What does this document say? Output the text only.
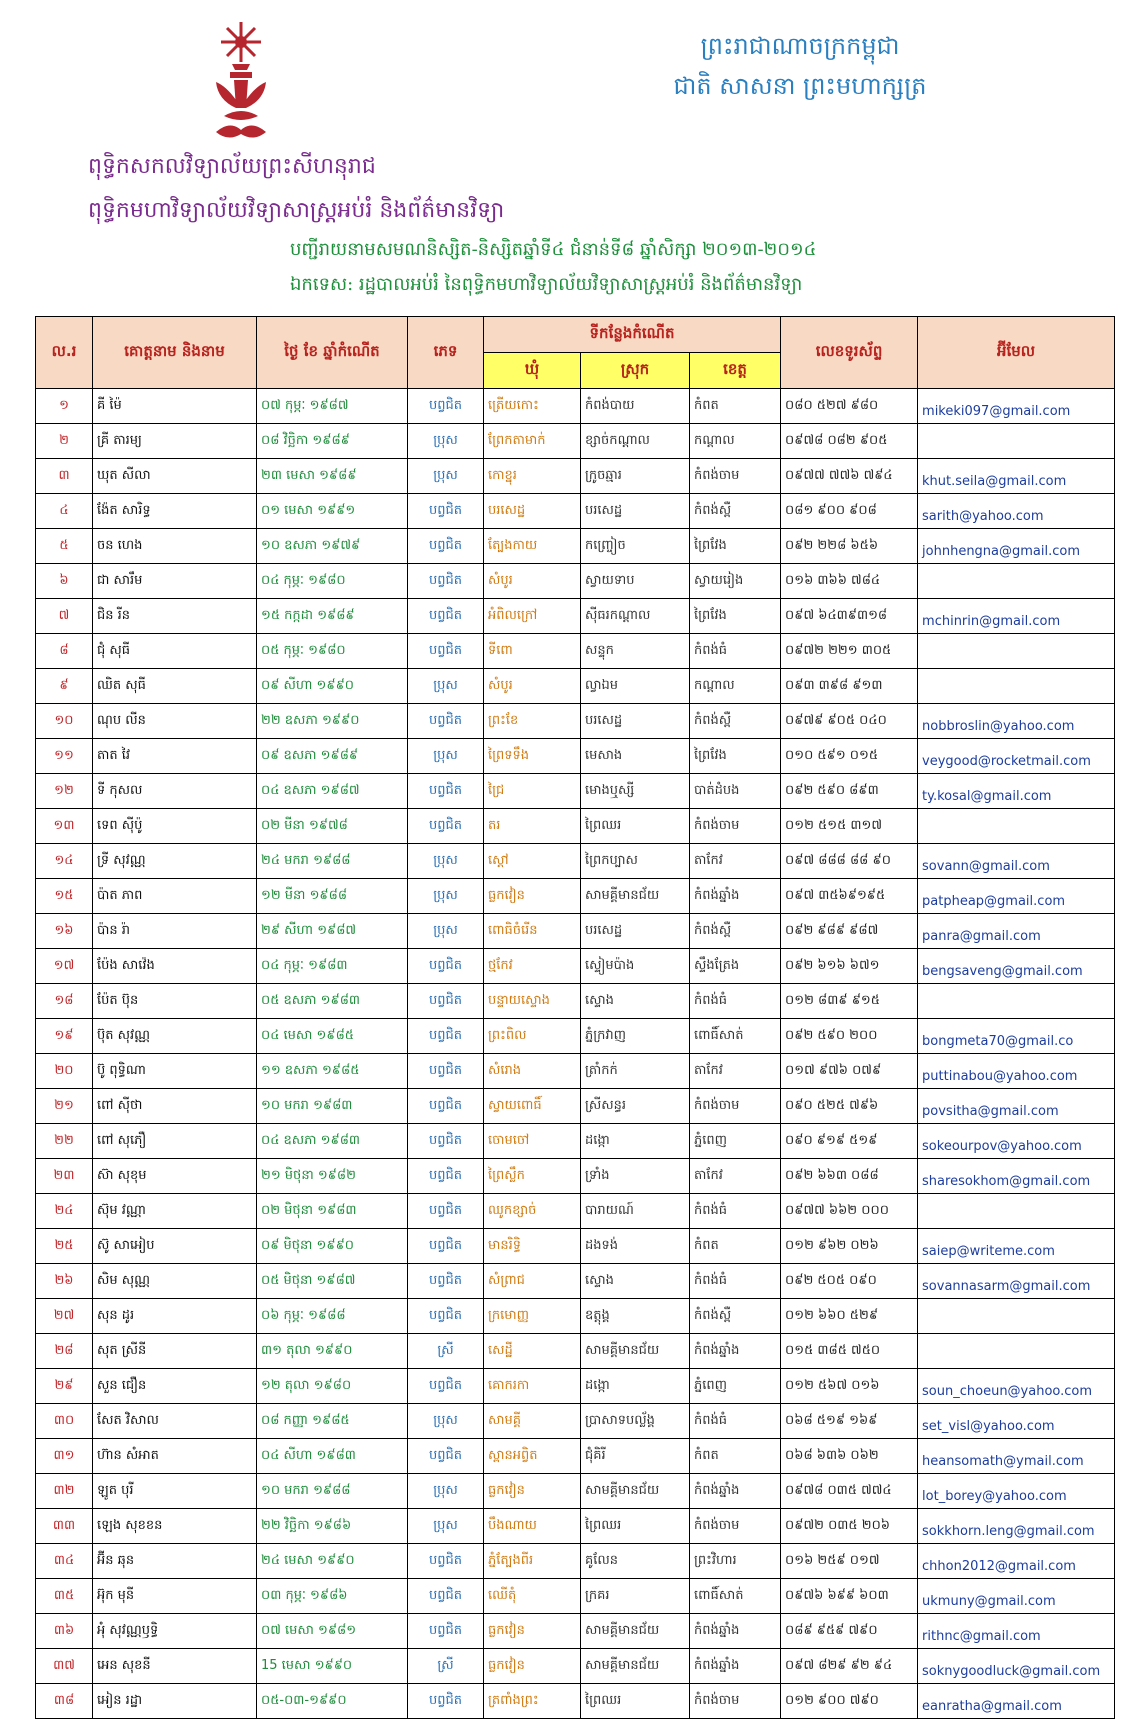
ព្រះរាជាណាចក្រកម្ពុជា
ជាតិ សាសនា ព្រះមហាក្សត្រ
ពុទ្ធិកសកលវិទ្យាល័យព្រះសីហនុរាជ
ពុទ្ធិកមហាវិទ្យាល័យវិទ្យាសាស្ត្រអប់រំ និងព័ត៌មានវិទ្យា
បញ្ជីរាយនាមសមណនិស្សិត-និស្សិតឆ្នាំទី៤ ជំនាន់ទី៨ ឆ្នាំសិក្សា ២០១៣-២០១៤
ឯកទេស: រដ្ឋបាលអប់រំ នៃពុទ្ធិកមហាវិទ្យាល័យវិទ្យាសាស្ត្រអប់រំ និងព័ត៌មានវិទ្យា
ល.រ	គោត្តនាម និងនាម	ថ្ងៃ ខែ ឆ្នាំកំណើត	ភេទ	ទីកន្លែងកំណើត			លេខទូរស័ព្ទ	អ៊ីមែល
				ឃុំ	ស្រុក	ខេត្ត		
១	គី ម៉ៃ	០៧ កុម្ភៈ ១៩៨៧	បព្វជិត	ត្រើយកោះ	កំពង់បាយ	កំពត	០៨០ ៥២៧ ៩៨០	mikeki097@gmail.com
២	គ្រី តារម្យ	០៨ វិច្ឆិកា ១៩៨៩	ប្រុស	ព្រែកតាមាក់	ខ្សាច់កណ្ដាល	កណ្ដាល	០៩៧៨ ០៨២ ៩០៥	
៣	ឃុត សីលា	២៣ មេសា ១៩៨៩	ប្រុស	កោខ្នុរ	ក្រូចឆ្មារ	កំពង់ចាម	០៩៧៧ ៧៧៦ ៧៩៤	khut.seila@gmail.com
៤	ង៉ែត សារិទ្ធ	០១ មេសា ១៩៩១	បព្វជិត	បរសេដ្ឋ	បរសេដ្ឋ	កំពង់ស្ពឺ	០៨១ ៩០០ ៩០៨	sarith@yahoo.com
៥	ចន ហេង	១០ ឧសភា ១៩៧៩	បព្វជិត	ត្បែងកាយ	កញ្ច្រៀច	ព្រៃវែង	០៩២ ២២៨ ៦៥៦	johnhengna@gmail.com
៦	ជា សារឹម	០៤ កុម្ភៈ ១៩៨០	បព្វជិត	សំបូរ	ស្វាយទាប	ស្វាយរៀង	០១៦ ៣៦៦ ៧៨៤	
៧	ជិន រីន	១៥ កក្កដា ១៩៨៩	បព្វជិត	អំពិលក្រៅ	ស៊ីធរកណ្ដាល	ព្រៃវែង	០៩៧ ៦៤៣៩៣១៨	mchinrin@gmail.com
៨	ជុំ សុធី	០៥ កុម្ភៈ ១៩៨០	បព្វជិត	ទីពោ	សន្ទុក	កំពង់ធំ	០៩៧២ ២២១ ៣០៥	
៩	ឈិត សុធី	០៩ សីហា ១៩៩០	ប្រុស	សំបូរ	ល្វាឯម	កណ្ដាល	០៩៣ ៣៩៨ ៩១៣	
១០	ណុប លីន	២២ ឧសភា ១៩៩០	បព្វជិត	ព្រះខែ	បរសេដ្ឋ	កំពង់ស្ពឺ	០៩៧៩ ៩០៥ ០៤០	nobbroslin@yahoo.com
១១	តាត វៃ	០៩ ឧសភា ១៩៨៩	ប្រុស	ព្រៃទទឹង	មេសាង	ព្រៃវែង	០១០ ៥៩១ ០១៥	veygood@rocketmail.com
១២	ទី កុសល	០៤ ឧសភា ១៩៨៧	បព្វជិត	ជ្រៃ	មោងឬស្សី	បាត់ដំបង	០៩២ ៥៩០ ៨៩៣	ty.kosal@gmail.com
១៣	ទេព ស៊ីប៉ូ	០២ មីនា ១៩៧៨	បព្វជិត	តរ	ព្រៃឈរ	កំពង់ចាម	០១២ ៥១៥ ៣១៧	
១៤	ទ្រី សុវណ្ណ	២៤ មករា ១៩៨៨	ប្រុស	ស្ដៅ	ព្រៃកប្បាស	តាកែវ	០៩៧ ៨៨៨ ៨៨ ៩០	sovann@gmail.com
១៥	ប៉ាត ភាព	១២ មីនា ១៩៨៨	ប្រុស	ធ្លកវៀន	សាមគ្គីមានជ័យ	កំពង់ឆ្នាំង	០៩៧ ៣៥៦៩១៩៥	patpheap@gmail.com
១៦	ប៉ាន រ៉ា	២៩ សីហា ១៩៨៧	ប្រុស	ពោធិចំរើន	បរសេដ្ឋ	កំពង់ស្ពឺ	០៩២ ៩៨៩ ៩៨៧	panra@gmail.com
១៧	ប៉ែង សាវ៉េង	០៤ កុម្ភៈ ១៩៨៣	បព្វជិត	ថ្មកែវ	ស្ទៀមប៉ាង	ស្ទឹងត្រែង	០៩២ ៦១៦ ៦៧១	bengsaveng@gmail.com
១៨	ប៉ែត ប៊ុន	០៥ ឧសភា ១៩៨៣	បព្វជិត	បន្ទាយស្ទោង	ស្ទោង	កំពង់ធំ	០១២ ៨៣៩ ៩១៥	
១៩	ប៊ុត សុវណ្ណ	០៤ មេសា ១៩៨៥	បព្វជិត	ព្រះពិល	ភ្នំក្រវាញ	ពោធិ៍សាត់	០៩២ ៥៩០ ២០០	bongmeta70@gmail.co
២០	ប៊ូ ពុទ្ធិណា	១១ ឧសភា ១៩៨៥	បព្វជិត	សំរោង	ត្រាំកក់	តាកែវ	០១៧ ៩៧៦ ០៧៩	puttinabou@yahoo.com
២១	ពៅ ស៊ីថា	១០ មករា ១៩៨៣	បព្វជិត	ស្វាយពោធិ៍	ស្រីសន្ធរ	កំពង់ចាម	០៩០ ៥២៥ ៧៩៦	povsitha@gmail.com
២២	ពៅ សុភឿ	០៤ ឧសភា ១៩៨៣	បព្វជិត	ចោមចៅ	ដង្កោ	ភ្នំពេញ	០៩០ ៩១៩ ៥១៩	sokeourpov@yahoo.com
២៣	ស៊ា សុខុម	២១ មិថុនា ១៩៨២	បព្វជិត	ព្រៃស្លឹក	ទ្រាំង	តាកែវ	០៩២ ៦៦៣ ០៨៨	sharesokhom@gmail.com
២៤	ស៊ុម វណ្ណា	០២ មិថុនា ១៩៨៣	បព្វជិត	ឈូកខ្សាច់	បារាយណ៍	កំពង់ធំ	០៩៧៧ ៦៦២ ០០០	
២៥	ស៊ូ សាអៀប	០៩ មិថុនា ១៩៩០	បព្វជិត	មានរិទ្ធិ	ដងទង់	កំពត	០១២ ៩៦២ ០២៦	saiep@writeme.com
២៦	សិម សុណ្ណ	០៥ មិថុនា ១៩៨៧	បព្វជិត	សំព្រាជ	ស្ទោង	កំពង់ធំ	០៩២ ៥០៥ ០៩០	sovannasarm@gmail.com
២៧	សុន ដូរ	០៦ កុម្ភៈ ១៩៨៨	បព្វជិត	ក្រមោញ្ញ	ឧត្ដុង្គ	កំពង់ស្ពឺ	០១២ ៦៦០ ៥២៩	
២៨	សុត ស្រីនី	៣១ តុលា ១៩៩០	ស្រី	សេដ្ឋី	សាមគ្គីមានជ័យ	កំពង់ឆ្នាំង	០១៥ ៣៨៥ ៧៥០	
២៩	សួន ជឿន	១២ តុលា ១៩៨០	បព្វជិត	គោករកា	ដង្កោ	ភ្នំពេញ	០១២ ៥៦៧ ០១៦	soun_choeun@yahoo.com
៣០	សែត វិសាល	០៨ កញ្ញា ១៩៨៥	ប្រុស	សាមគ្គី	ប្រាសាទបល្ល័ង្គ	កំពង់ធំ	០៦៨ ៥១៩ ១៦៩	set_visl@yahoo.com
៣១	ហ៊ាន សំអាត	០៤ សីហា ១៩៨៣	បព្វជិត	ស្ពានអព្វិត	ជុំគិរី	កំពត	០៦៨ ៦៣៦ ០៦២	heansomath@ymail.com
៣២	ឡូត បុរី	១០ មករា ១៩៨៨	ប្រុស	ធ្លកវៀន	សាមគ្គីមានជ័យ	កំពង់ឆ្នាំង	០៩៧៨ ០៣៥ ៧៧៤	lot_borey@yahoo.com
៣៣	ឡេង សុខខន	២២ វិច្ឆិកា ១៩៨៦	ប្រុស	បឹងណាយ	ព្រៃឈរ	កំពង់ចាម	០៩៧២ ០៣៥ ២០៦	sokkhorn.leng@gmail.com
៣៤	អ៊ីន ឆុន	២៤ មេសា ១៩៩០	បព្វជិត	ភ្នំត្បែងពីរ	គូលែន	ព្រះវិហារ	០១៦ ២៥៩ ០១៧	chhon2012@gmail.com
៣៥	អ៊ុក មុនី	០៣ កុម្ភៈ ១៩៨៦	បព្វជិត	ឈើតុំ	ក្រគរ	ពោធិ៍សាត់	០៩៧៦ ៦៩៩ ៦០៣	ukmuny@gmail.com
៣៦	អុំ សុវណ្ណឫទ្ធិ	០៧ មេសា ១៩៨១	បព្វជិត	ធ្លកវៀន	សាមគ្គីមានជ័យ	កំពង់ឆ្នាំង	០៨៩ ៩៥៩ ៧៩០	rithnc@gmail.com
៣៧	អេន សុខនី	15 មេសា ១៩៩០	ស្រី	ធ្លកវៀន	សាមគ្គីមានជ័យ	កំពង់ឆ្នាំង	០៩៧ ៨២៩ ៩២ ៩៤	soknygoodluck@gmail.com
៣៨	អៀន រដ្ឋា	០៥-០៣-១៩៩០	បព្វជិត	ត្រពាំងព្រះ	ព្រៃឈរ	កំពង់ចាម	០១២ ៩០០ ៧៩០	eanratha@gmail.com
